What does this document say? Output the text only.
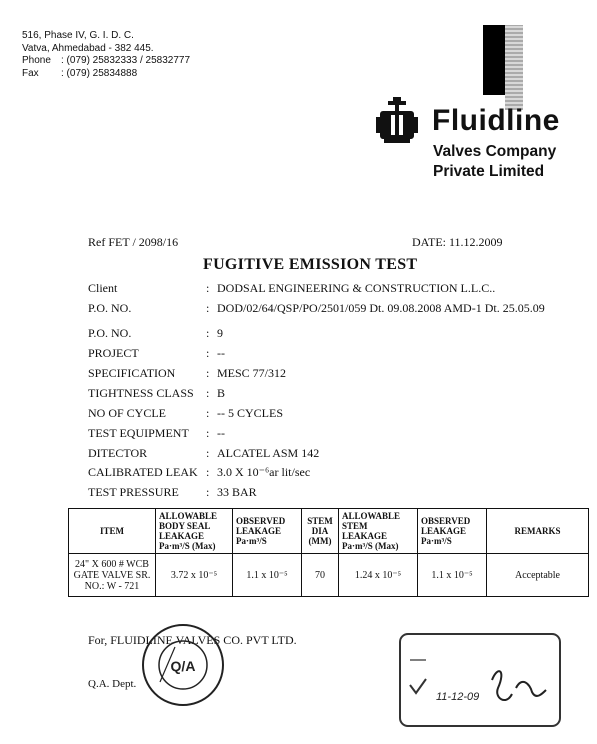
516, Phase IV, G. I. D. C.
Vatva, Ahmedabad - 382 445.
Phone	: (079) 25832333 / 25832777
Fax	: (079) 25834888
Fluidline
Valves Company
Private Limited
Ref FET / 2098/16	DATE: 11.12.2009
FUGITIVE EMISSION TEST
Client	: DODSAL ENGINEERING & CONSTRUCTION L.L.C..
P.O. NO.	: DOD/02/64/QSP/PO/2501/059 Dt. 09.08.2008 AMD-1 Dt. 25.05.09
P.O. NO.	: 9
PROJECT	: --
SPECIFICATION	: MESC 77/312
TIGHTNESS CLASS : B
NO OF CYCLE	: -- 5 CYCLES
TEST EQUIPMENT : --
DITECTOR	: ALCATEL ASM 142
CALIBRATED LEAK : 3.0 X 10⁻⁶ar lit/sec
TEST PRESSURE : 33 BAR
ITEM	ALLOWABLE BODY SEAL LEAKAGE Pa·m³/S (Max)	OBSERVED LEAKAGE Pa·m³/S	STEM DIA (MM)	ALLOWABLE STEM LEAKAGE Pa·m³/S (Max)	OBSERVED LEAKAGE Pa·m³/S	REMARKS
24" X 600 # WCB GATE VALVE SR. NO.: W - 721	3.72 x 10⁻⁵	1.1 x 10⁻⁵	70	1.24 x 10⁻⁵	1.1 x 10⁻⁵	Acceptable
For, FLUIDLINE VALVES CO. PVT LTD.
Q.A. Dept.
Q/A
11-12-09
